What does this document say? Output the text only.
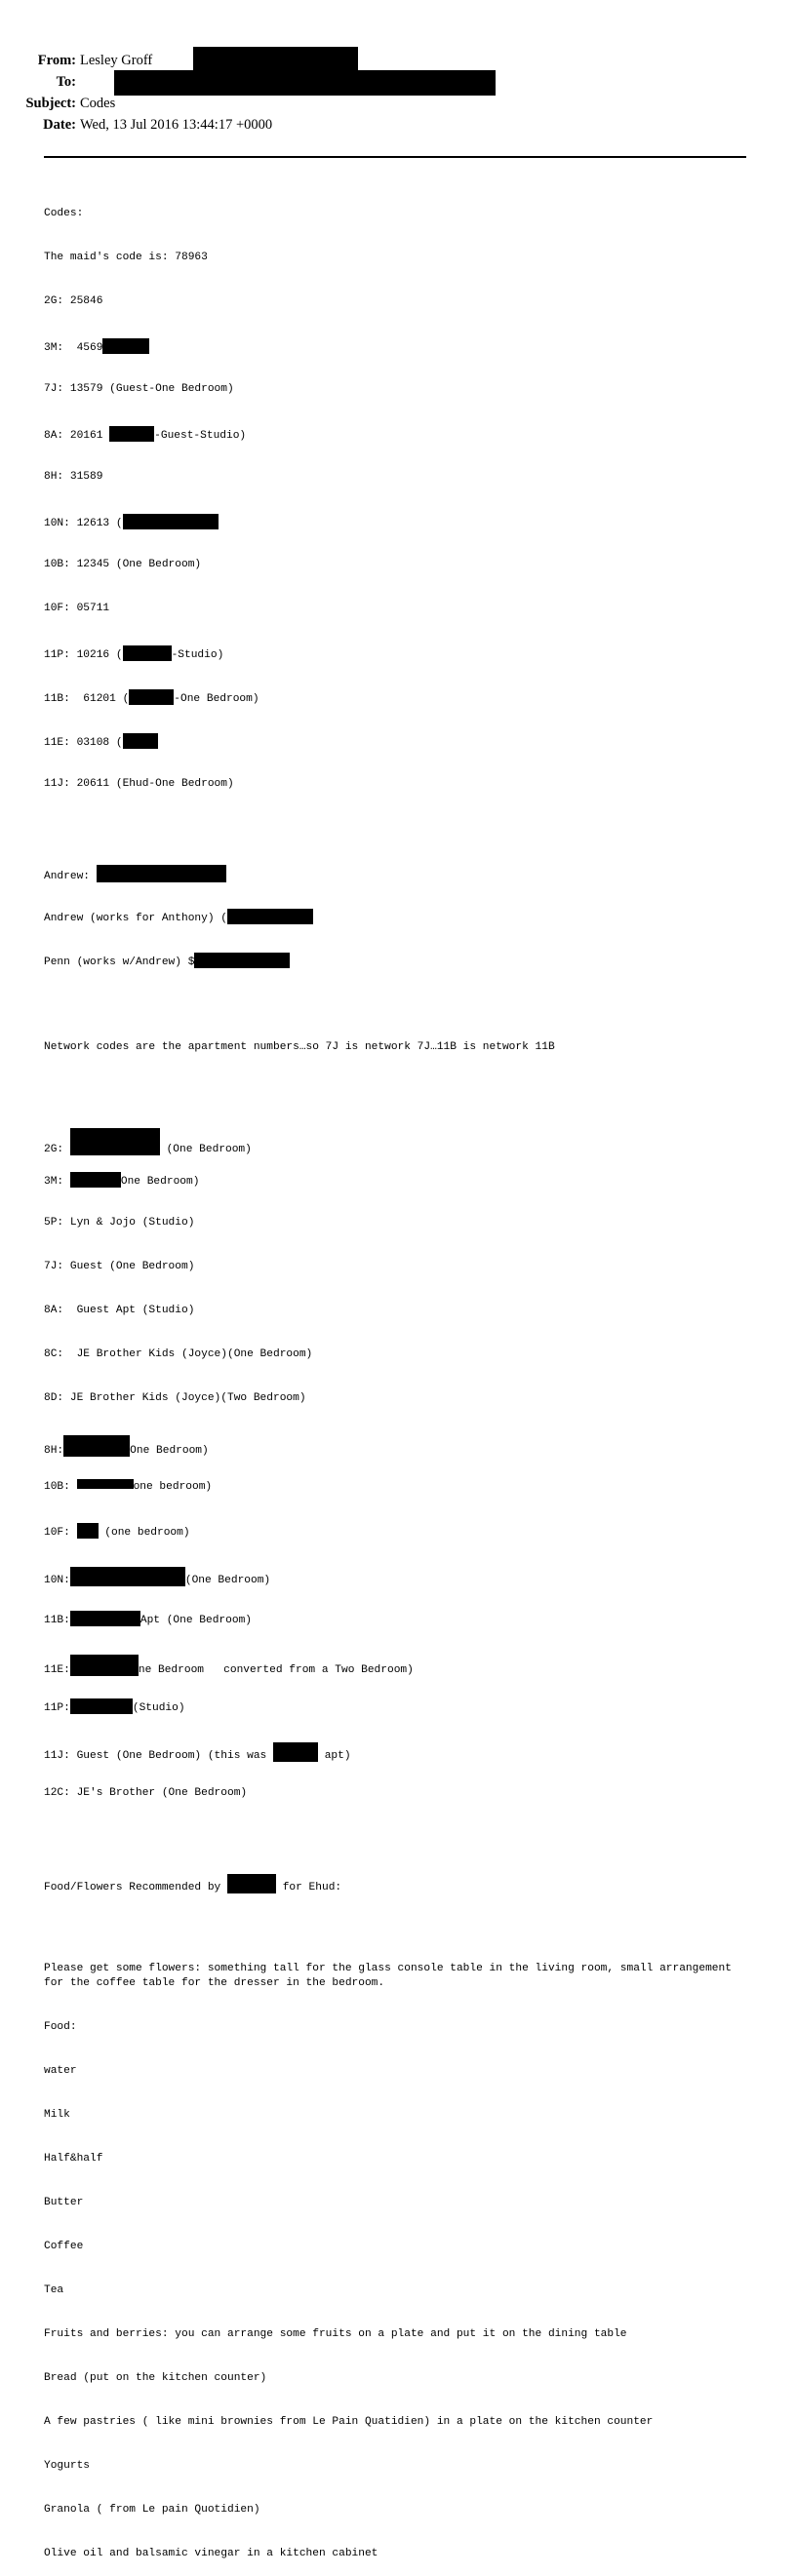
From: Lesley Groff
To:
Subject: Codes
Date: Wed, 13 Jul 2016 13:44:17 +0000

Codes:

The maid's code is: 78963

2G: 25846

3M:  4569

7J: 13579 (Guest-One Bedroom)

8A: 20161	-Guest-Studio)

8H: 31589

10N: 12613 (

10B: 12345 (One Bedroom)

10F: 05711

11P: 10216 (	-Studio)

11B:  61201 (	-One Bedroom)

11E: 03108 (

11J: 20611 (Ehud-One Bedroom)

Andrew:

Andrew (works for Anthony) (

Penn (works w/Andrew) $

Network codes are the apartment numbers…so 7J is network 7J…11B is network 11B

2G:	(One Bedroom)

3M:	One Bedroom)

5P: Lyn & Jojo (Studio)

7J: Guest (One Bedroom)

8A:  Guest Apt (Studio)

8C:  JE Brother Kids (Joyce)(One Bedroom)

8D: JE Brother Kids (Joyce)(Two Bedroom)

8H:	One Bedroom)

10B:	one bedroom)

10F:  (one bedroom)

10N:	(One Bedroom)

11B:	Apt (One Bedroom)

11E:	ne Bedroom   converted from a Two Bedroom)

11P:	(Studio)

11J: Guest (One Bedroom) (this was	apt)

12C: JE's Brother (One Bedroom)

Food/Flowers Recommended by	for Ehud:

Please get some flowers: something tall for the glass console table in the living room, small arrangement for the coffee table for the dresser in the bedroom.

Food:

water

Milk

Half&half

Butter

Coffee

Tea

Fruits and berries: you can arrange some fruits on a plate and put it on the dining table

Bread (put on the kitchen counter)

A few pastries ( like mini brownies from Le Pain Quatidien) in a plate on the kitchen counter

Yogurts

Granola ( from Le pain Quotidien)

Olive oil and balsamic vinegar in a kitchen cabinet
